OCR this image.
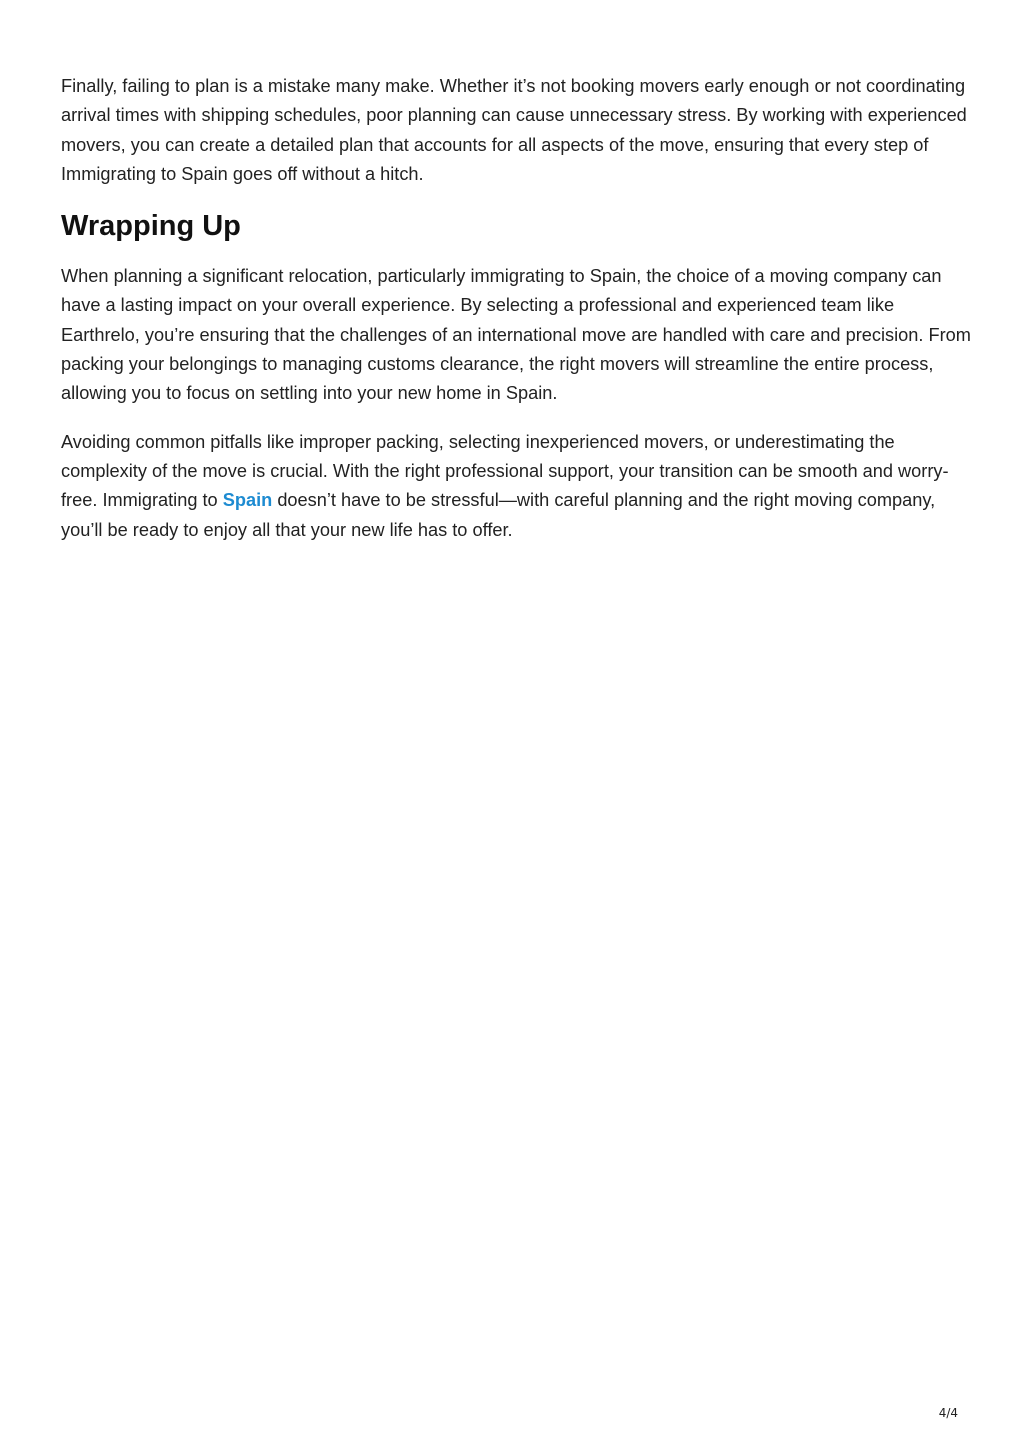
Finally, failing to plan is a mistake many make. Whether it’s not booking movers early enough or not coordinating arrival times with shipping schedules, poor planning can cause unnecessary stress. By working with experienced movers, you can create a detailed plan that accounts for all aspects of the move, ensuring that every step of Immigrating to Spain goes off without a hitch.

Wrapping Up

When planning a significant relocation, particularly immigrating to Spain, the choice of a moving company can have a lasting impact on your overall experience. By selecting a professional and experienced team like Earthrelo, you’re ensuring that the challenges of an international move are handled with care and precision. From packing your belongings to managing customs clearance, the right movers will streamline the entire process, allowing you to focus on settling into your new home in Spain.

Avoiding common pitfalls like improper packing, selecting inexperienced movers, or underestimating the complexity of the move is crucial. With the right professional support, your transition can be smooth and worry-free. Immigrating to Spain doesn’t have to be stressful—with careful planning and the right moving company, you’ll be ready to enjoy all that your new life has to offer.

4/4
